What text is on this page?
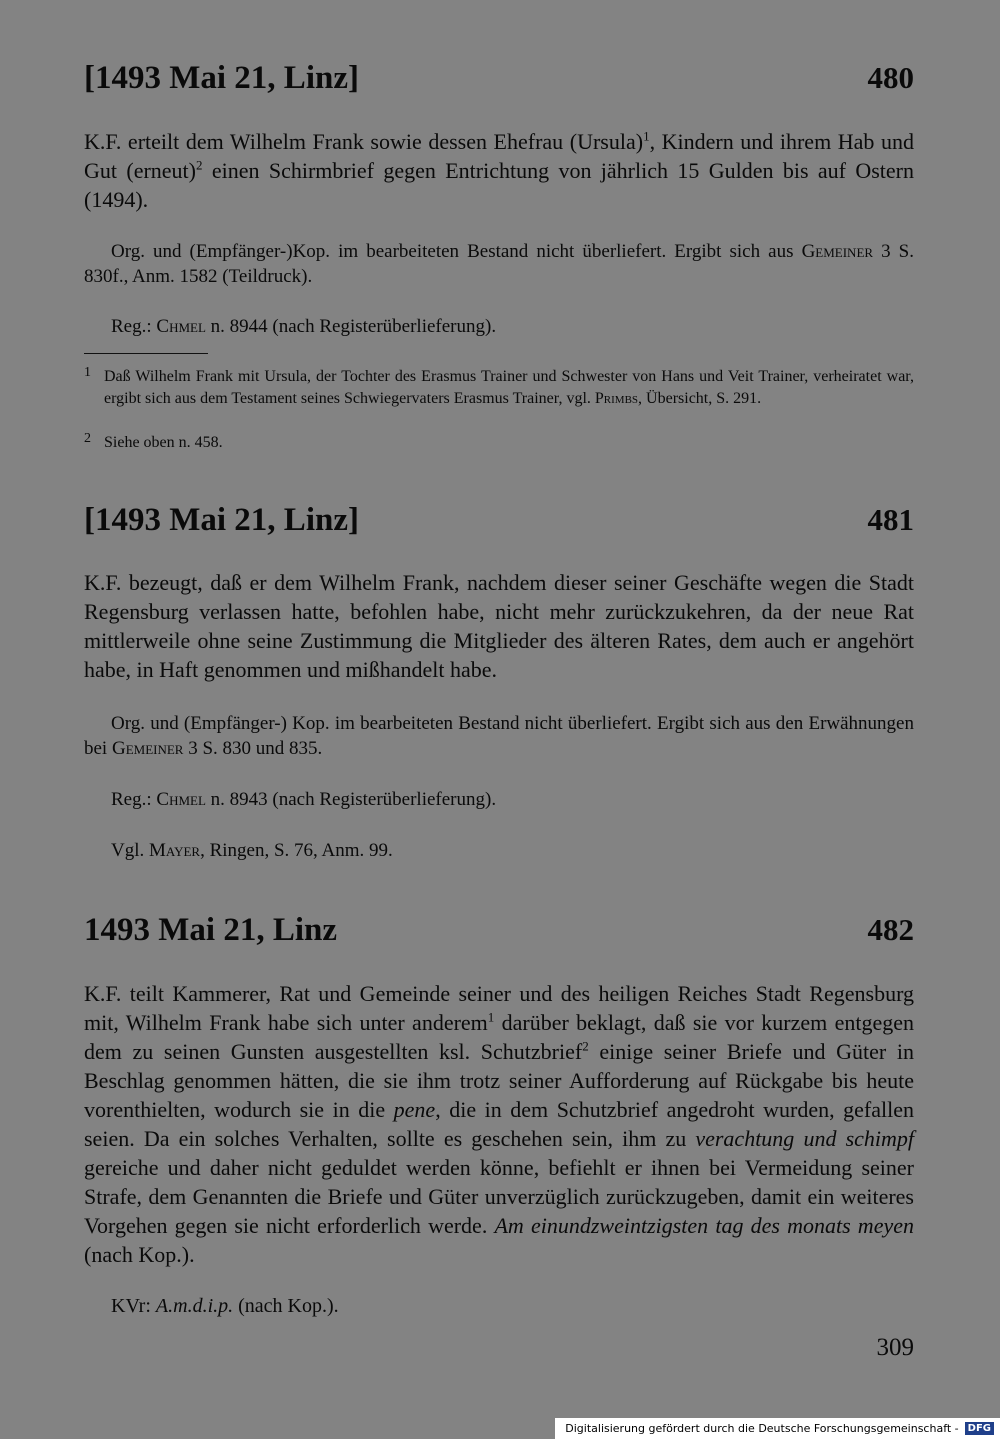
[1493 Mai 21, Linz]	480

K.F. erteilt dem Wilhelm Frank sowie dessen Ehefrau (Ursula)$^1$, Kindern und ihrem Hab und Gut (erneut)$^2$ einen Schirmbrief gegen Entrichtung von jährlich 15 Gulden bis auf Ostern (1494).

Org. und (Empfänger-)Kop. im bearbeiteten Bestand nicht überliefert. Ergibt sich aus Gemeiner 3 S. 830f., Anm. 1582 (Teildruck).

Reg.: Chmel n. 8944 (nach Registerüberlieferung).

1 Daß Wilhelm Frank mit Ursula, der Tochter des Erasmus Trainer und Schwester von Hans und Veit Trainer, verheiratet war, ergibt sich aus dem Testament seines Schwiegervaters Erasmus Trainer, vgl. Primbs, Übersicht, S. 291.

2 Siehe oben n. 458.

[1493 Mai 21, Linz]	481

K.F. bezeugt, daß er dem Wilhelm Frank, nachdem dieser seiner Geschäfte wegen die Stadt Regensburg verlassen hatte, befohlen habe, nicht mehr zurückzukehren, da der neue Rat mittlerweile ohne seine Zustimmung die Mitglieder des älteren Rates, dem auch er angehört habe, in Haft genommen und mißhandelt habe.

Org. und (Empfänger-) Kop. im bearbeiteten Bestand nicht überliefert. Ergibt sich aus den Erwähnungen bei Gemeiner 3 S. 830 und 835.

Reg.: Chmel n. 8943 (nach Registerüberlieferung).

Vgl. Mayer, Ringen, S. 76, Anm. 99.

1493 Mai 21, Linz	482

K.F. teilt Kammerer, Rat und Gemeinde seiner und des heiligen Reiches Stadt Regensburg mit, Wilhelm Frank habe sich unter anderem$^1$ darüber beklagt, daß sie vor kurzem entgegen dem zu seinen Gunsten ausgestellten ksl. Schutzbrief$^2$ einige seiner Briefe und Güter in Beschlag genommen hätten, die sie ihm trotz seiner Aufforderung auf Rückgabe bis heute vorenthielten, wodurch sie in die pene, die in dem Schutzbrief angedroht wurden, gefallen seien. Da ein solches Verhalten, sollte es geschehen sein, ihm zu verachtung und schimpf gereiche und daher nicht geduldet werden könne, befiehlt er ihnen bei Vermeidung seiner Strafe, dem Genannten die Briefe und Güter unverzüglich zurückzugeben, damit ein weiteres Vorgehen gegen sie nicht erforderlich werde. Am einundzweintzigsten tag des monats meyen (nach Kop.).

KVr: A.m.d.i.p. (nach Kop.).

309
Digitalisierung gefördert durch die Deutsche Forschungsgemeinschaft - DFG
